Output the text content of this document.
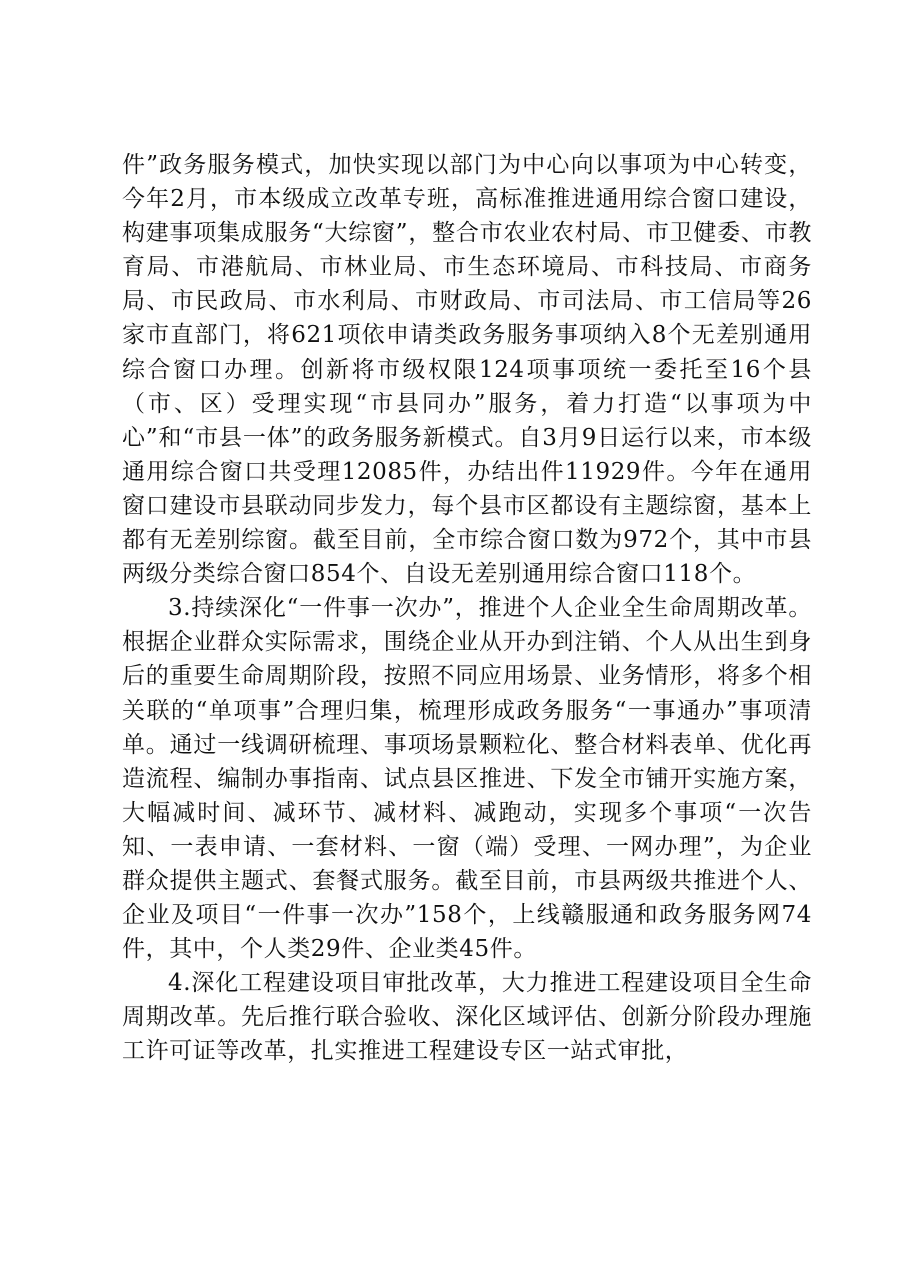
件”政务服务模式，加快实现以部门为中心向以事项为中心转变，今年2月，市本级成立改革专班，高标准推进通用综合窗口建设，构建事项集成服务“大综窗”，整合市农业农村局、市卫健委、市教育局、市港航局、市林业局、市生态环境局、市科技局、市商务局、市民政局、市水利局、市财政局、市司法局、市工信局等26家市直部门，将621项依申请类政务服务事项纳入8个无差别通用综合窗口办理。创新将市级权限124项事项统一委托至16个县（市、区）受理实现“市县同办”服务，着力打造“以事项为中心”和“市县一体”的政务服务新模式。自3月9日运行以来，市本级通用综合窗口共受理12085件，办结出件11929件。今年在通用窗口建设市县联动同步发力，每个县市区都设有主题综窗，基本上都有无差别综窗。截至目前，全市综合窗口数为972个，其中市县两级分类综合窗口854个、自设无差别通用综合窗口118个。

3.持续深化“一件事一次办”，推进个人企业全生命周期改革。根据企业群众实际需求，围绕企业从开办到注销、个人从出生到身后的重要生命周期阶段，按照不同应用场景、业务情形，将多个相关联的“单项事”合理归集，梳理形成政务服务“一事通办”事项清单。通过一线调研梳理、事项场景颗粒化、整合材料表单、优化再造流程、编制办事指南、试点县区推进、下发全市铺开实施方案，大幅减时间、减环节、减材料、减跑动，实现多个事项“一次告知、一表申请、一套材料、一窗（端）受理、一网办理”，为企业群众提供主题式、套餐式服务。截至目前，市县两级共推进个人、企业及项目“一件事一次办”158个，上线赣服通和政务服务网74件，其中，个人类29件、企业类45件。

4.深化工程建设项目审批改革，大力推进工程建设项目全生命周期改革。先后推行联合验收、深化区域评估、创新分阶段办理施工许可证等改革，扎实推进工程建设专区一站式审批，
